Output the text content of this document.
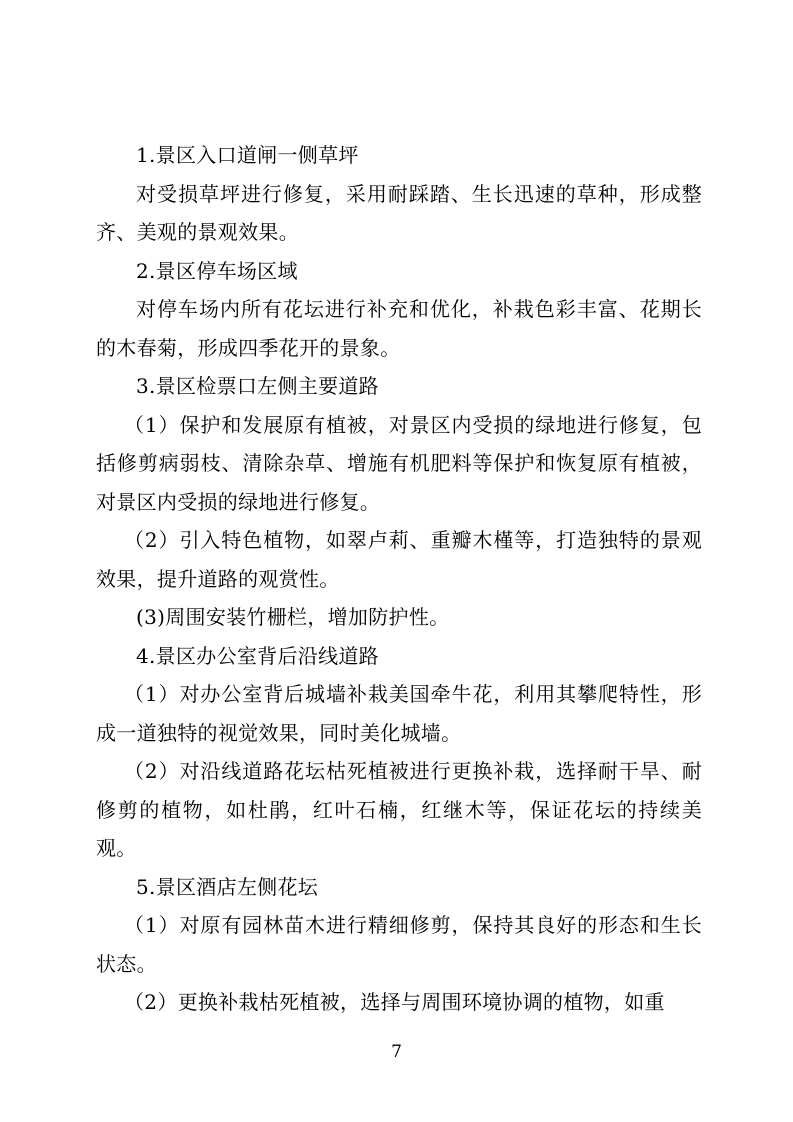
1.景区入口道闸一侧草坪

对受损草坪进行修复，采用耐踩踏、生长迅速的草种，形成整齐、美观的景观效果。

2.景区停车场区域

对停车场内所有花坛进行补充和优化，补栽色彩丰富、花期长的木春菊，形成四季花开的景象。

3.景区检票口左侧主要道路

（1）保护和发展原有植被，对景区内受损的绿地进行修复，包括修剪病弱枝、清除杂草、增施有机肥料等保护和恢复原有植被，对景区内受损的绿地进行修复。

（2）引入特色植物，如翠卢莉、重瓣木槿等，打造独特的景观效果，提升道路的观赏性。

(3)周围安装竹栅栏，增加防护性。

4.景区办公室背后沿线道路

（1）对办公室背后城墙补栽美国牵牛花，利用其攀爬特性，形成一道独特的视觉效果，同时美化城墙。

（2）对沿线道路花坛枯死植被进行更换补栽，选择耐干旱、耐修剪的植物，如杜鹃，红叶石楠，红继木等，保证花坛的持续美观。

5.景区酒店左侧花坛

（1）对原有园林苗木进行精细修剪，保持其良好的形态和生长状态。

（2）更换补栽枯死植被，选择与周围环境协调的植物，如重

7
